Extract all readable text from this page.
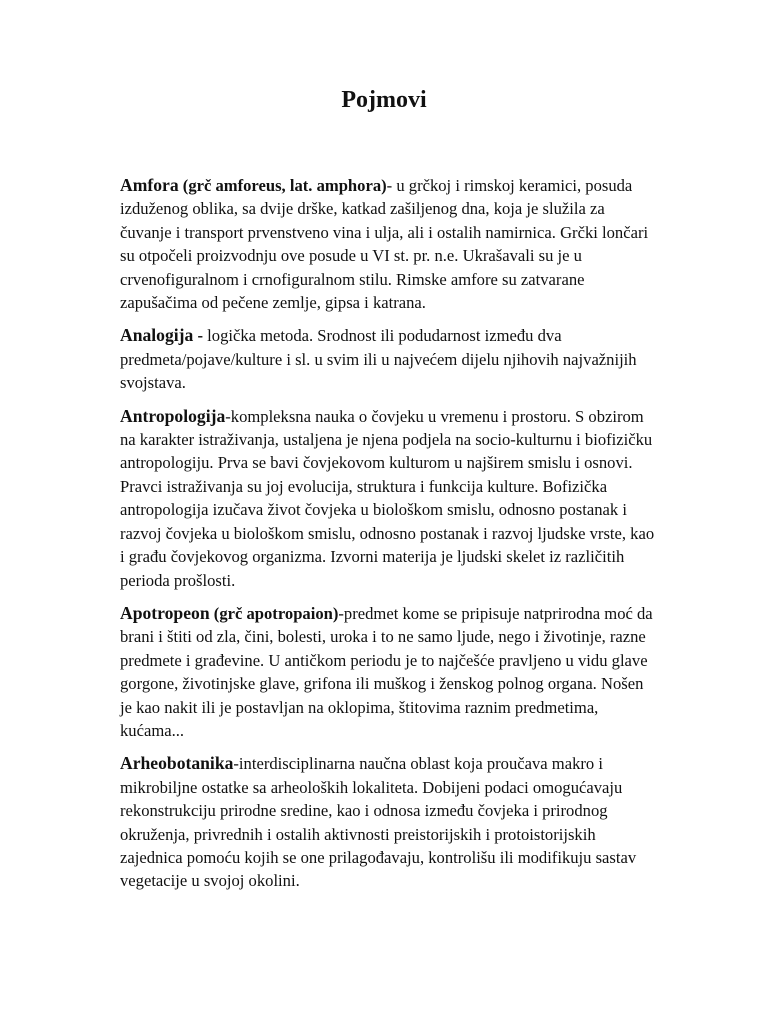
Pojmovi

Amfora (grč amforeus, lat. amphora)- u grčkoj i rimskoj keramici, posuda izduženog oblika, sa dvije drške, katkad zašiljenog dna, koja je služila za čuvanje i transport prvenstveno vina i ulja, ali i ostalih namirnica. Grčki lončari su otpočeli proizvodnju ove posude u VI st. pr. n.e. Ukrašavali su je u crvenofiguralnom i crnofiguralnom stilu. Rimske amfore su zatvarane zapušačima od pečene zemlje, gipsa i katrana.

Analogija - logička metoda. Srodnost ili podudarnost između dva predmeta/pojave/kulture i sl. u svim ili u najvećem dijelu njihovih najvažnijih svojstava.

Antropologija-kompleksna nauka o čovjeku u vremenu i prostoru. S obzirom na karakter istraživanja, ustaljena je njena podjela na socio-kulturnu i biofizičku antropologiju. Prva se bavi čovjekovom kulturom u najširem smislu i osnovi. Pravci istraživanja su joj evolucija, struktura i funkcija kulture. Bofizička antropologija izučava život čovjeka u biološkom smislu, odnosno postanak i razvoj čovjeka u biološkom smislu, odnosno postanak i razvoj ljudske vrste, kao i građu čovjekovog organizma. Izvorni materija je ljudski skelet iz različitih perioda prošlosti.

Apotropeon (grč apotropaion)-predmet kome se pripisuje natprirodna moć da brani i štiti od zla, čini, bolesti, uroka i to ne samo ljude, nego i životinje, razne predmete i građevine. U antičkom periodu je to najčešće pravljeno u vidu glave gorgone, životinjske glave, grifona ili muškog i ženskog polnog organa. Nošen je kao nakit ili je postavljan na oklopima, štitovima raznim predmetima, kućama...

Arheobotanika-interdisciplinarna naučna oblast koja proučava makro i mikrobilјne ostatke sa arheoloških lokaliteta. Dobijeni podaci omogućavaju rekonstrukciju prirodne sredine, kao i odnosa između čovjeka i prirodnog okruženja, privrednih i ostalih aktivnosti preistorijskih i protoistorijskih zajednica pomoću kojih se one prilagođavaju, kontrolišu ili modifikuju sastav vegetacije u svojoj okolini.
